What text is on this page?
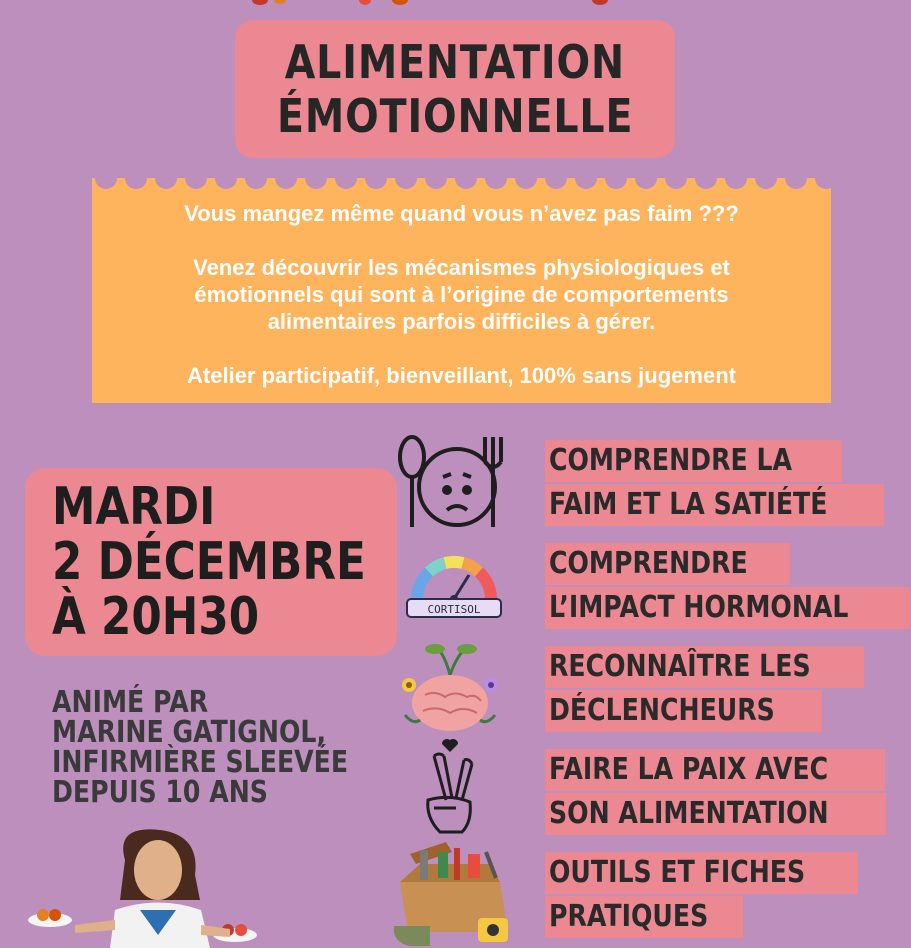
ALIMENTATION
ÉMOTIONNELLE

Vous mangez même quand vous n’avez pas faim ???

Venez découvrir les mécanismes physiologiques et

émotionnels qui sont à l’origine de comportements

alimentaires parfois difficiles à gérer.

Atelier participatif, bienveillant, 100% sans jugement

MARDI
2 DÉCEMBRE
À 20H30
ANIMÉ PAR
MARINE GATIGNOL,
INFIRMIÈRE SLEEVÉE
DEPUIS 10 ANS
CORTISOL
COMPRENDRE LA
FAIM ET LA SATIÉTÉ
COMPRENDRE
L’IMPACT HORMONAL
RECONNAÎTRE LES
DÉCLENCHEURS
FAIRE LA PAIX AVEC
SON ALIMENTATION
OUTILS ET FICHES
PRATIQUES
